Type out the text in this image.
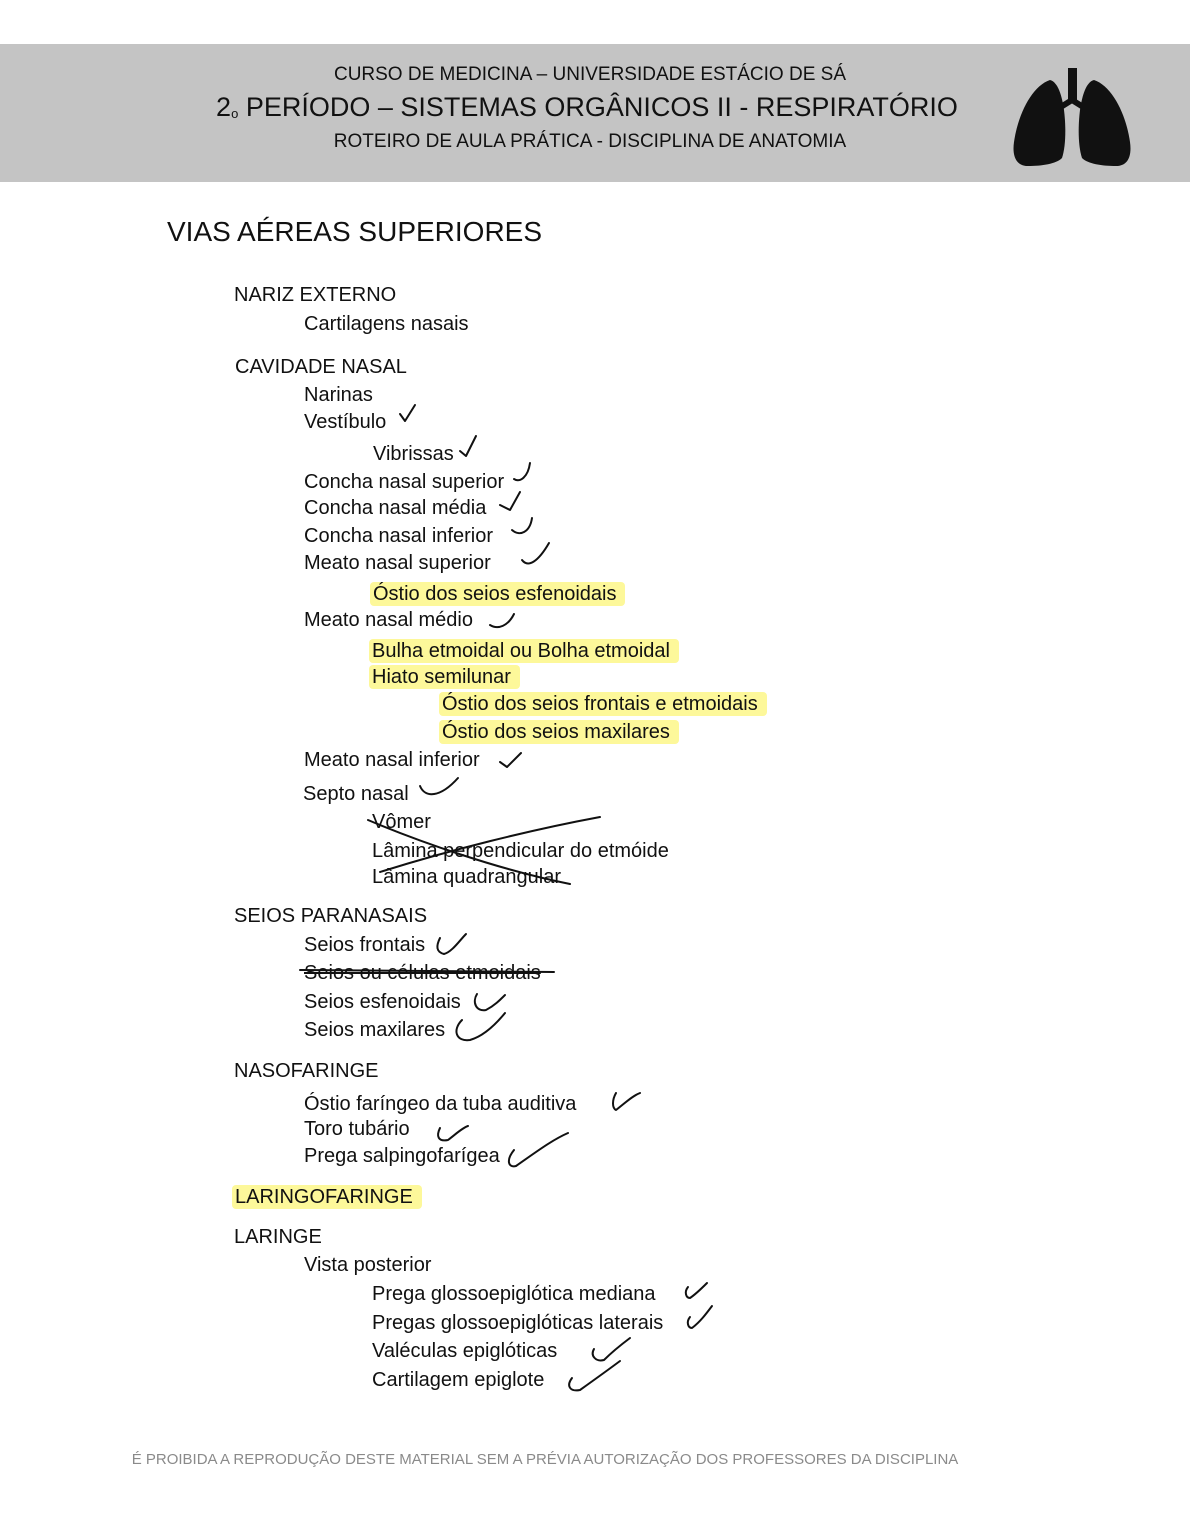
CURSO DE MEDICINA – UNIVERSIDADE ESTÁCIO DE SÁ
$2_o$ PERÍODO – SISTEMAS ORGÂNICOS II - RESPIRATÓRIO
ROTEIRO DE AULA PRÁTICA - DISCIPLINA DE ANATOMIA
VIAS AÉREAS SUPERIORES
NARIZ EXTERNO
Cartilagens nasais
CAVIDADE NASAL
Narinas
Vestíbulo
Vibrissas
Concha nasal superior
Concha nasal média
Concha nasal inferior
Meato nasal superior
Óstio dos seios esfenoidais
Meato nasal médio
Bulha etmoidal ou Bolha etmoidal
Hiato semilunar
Óstio dos seios frontais e etmoidais
Óstio dos seios maxilares
Meato nasal inferior
Septo nasal
Vômer
Lâmina perpendicular do etmóide
Lâmina quadrangular
SEIOS PARANASAIS
Seios frontais
Seios ou células etmoidais
Seios esfenoidais
Seios maxilares
NASOFARINGE
Óstio faríngeo da tuba auditiva
Toro tubário
Prega salpingofarígea
LARINGOFARINGE
LARINGE
Vista posterior
Prega glossoepiglótica mediana
Pregas glossoepiglóticas laterais
Valéculas epiglóticas
Cartilagem epiglote
É PROIBIDA A REPRODUÇÃO DESTE MATERIAL SEM A PRÉVIA AUTORIZAÇÃO DOS PROFESSORES DA DISCIPLINA
